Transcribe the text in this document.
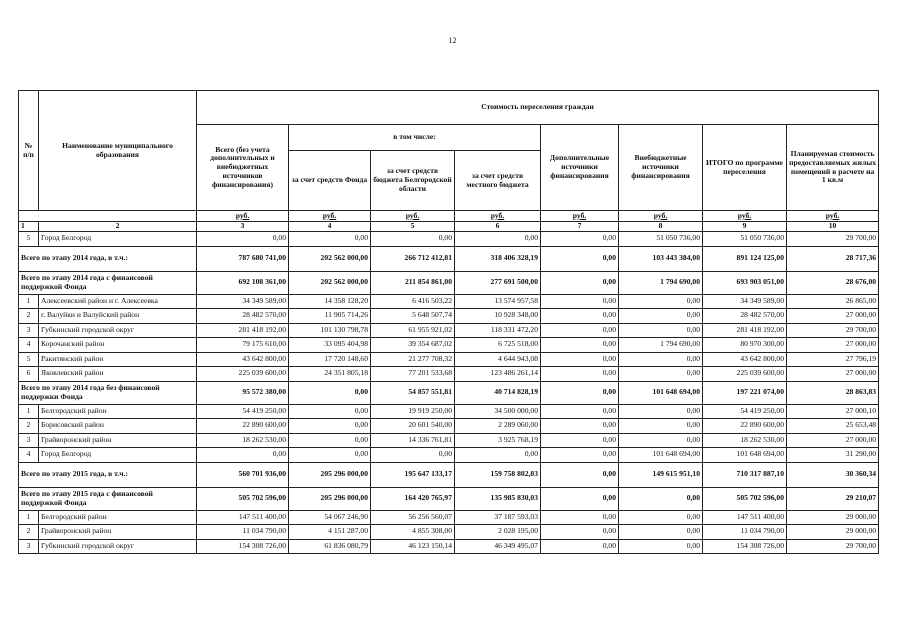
12
№ п/п	Наименование муниципального образования	Стоимость переселения граждан							
		Всего (без учета дополнительных и внебюджетных источников финансирования)	в том числе:			Дополнительные источники финансирования	Внебюджетные источники финансирования	ИТОГО по программе переселения	Планируемая стоимость предоставляемых жилых помещений в расчете на 1 кв.м
			за счет средств Фонда	за счет средств бюджета Белгородской области	за счет средств местного бюджета				
		руб.	руб.	руб.	руб.	руб.	руб.	руб.	руб.
1	2	3	4	5	6	7	8	9	10
5	Город Белгород	0,00	0,00	0,00	0,00	0,00	51 050 736,00	51 050 736,00	29 700,00
Всего по этапу 2014 года, в т.ч.:		787 680 741,00	202 562 000,00	266 712 412,81	318 406 328,19	0,00	103 443 384,00	891 124 125,00	28 717,36
Всего по этапу 2014 года с финансовой поддержкой Фонда		692 108 361,00	202 562 000,00	211 854 861,00	277 691 500,00	0,00	1 794 690,00	693 903 051,00	28 676,00
1	Алексеевский район и г. Алексеевка	34 349 589,00	14 358 128,20	6 416 503,22	13 574 957,58	0,00	0,00	34 349 589,00	26 865,00
2	г. Валуйки и Валуйский район	28 482 570,00	11 905 714,26	5 648 507,74	10 928 348,00	0,00	0,00	28 482 570,00	27 000,00
3	Губкинский городской округ	281 418 192,00	101 130 798,78	61 955 921,02	118 331 472,20	0,00	0,00	281 418 192,00	29 700,00
4	Корочанский район	79 175 610,00	33 095 404,98	39 354 687,02	6 725 518,00	0,00	1 794 690,00	80 970 300,00	27 000,00
5	Ракитянский район	43 642 800,00	17 720 148,60	21 277 708,32	4 644 943,08	0,00	0,00	43 642 800,00	27 796,19
6	Яковлевский район	225 039 600,00	24 351 805,18	77 201 533,68	123 486 261,14	0,00	0,00	225 039 600,00	27 000,00
Всего по этапу 2014 года без финансовой поддержки Фонда		95 572 380,00	0,00	54 857 551,81	40 714 828,19	0,00	101 648 694,00	197 221 074,00	28 863,83
1	Белгородский район	54 419 250,00	0,00	19 919 250,00	34 500 000,00	0,00	0,00	54 419 250,00	27 000,10
2	Борисовский район	22 890 600,00	0,00	20 601 540,00	2 289 060,00	0,00	0,00	22 890 600,00	25 653,48
3	Грайворонский район	18 262 530,00	0,00	14 336 761,81	3 925 768,19	0,00	0,00	18 262 530,00	27 000,00
4	Город Белгород	0,00	0,00	0,00	0,00	0,00	101 648 694,00	101 648 694,00	31 290,00
Всего по этапу 2015 года, в т.ч.:		560 701 936,00	205 296 000,00	195 647 133,17	159 758 802,83	0,00	149 615 951,10	710 317 887,10	30 360,34
Всего по этапу 2015 года с финансовой поддержкой Фонда		505 702 596,00	205 296 000,00	164 420 765,97	135 985 830,03	0,00	0,00	505 702 596,00	29 210,07
1	Белгородский район	147 511 400,00	54 067 246,90	56 256 560,07	37 187 593,03	0,00	0,00	147 511 400,00	29 000,00
2	Грайворонский район	11 034 790,00	4 151 287,00	4 855 308,00	2 028 195,00	0,00	0,00	11 034 790,00	29 000,00
3	Губкинский городской округ	154 308 726,00	61 836 080,79	46 123 150,14	46 349 495,07	0,00	0,00	154 308 726,00	29 700,00
